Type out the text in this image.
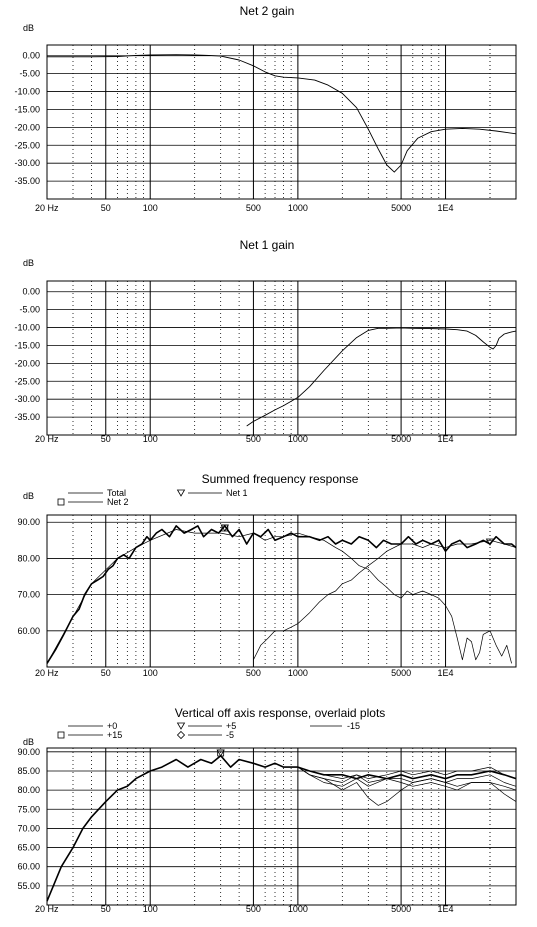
Net 2 gain
dB
0.00
-5.00
-10.00
-15.00
-20.00
-25.00
-30.00
-35.00
20 Hz	50	100	500	1000	5000	1E4
Net 1 gain
dB
0.00
-5.00
-10.00
-15.00
-20.00
-25.00
-30.00
-35.00
20 Hz	50	100	500	1000	5000	1E4
Summed frequency response
dB
90.00
80.00
70.00
60.00
20 Hz	50	100	500	1000	5000	1E4
Vertical off axis response, overlaid plots
dB
90.00
85.00
80.00
75.00
70.00
65.00
60.00
55.00
20 Hz	50	100	500	1000	5000	1E4
Total
Net 2
Net 1
+0
+15
+5
-5
-15
